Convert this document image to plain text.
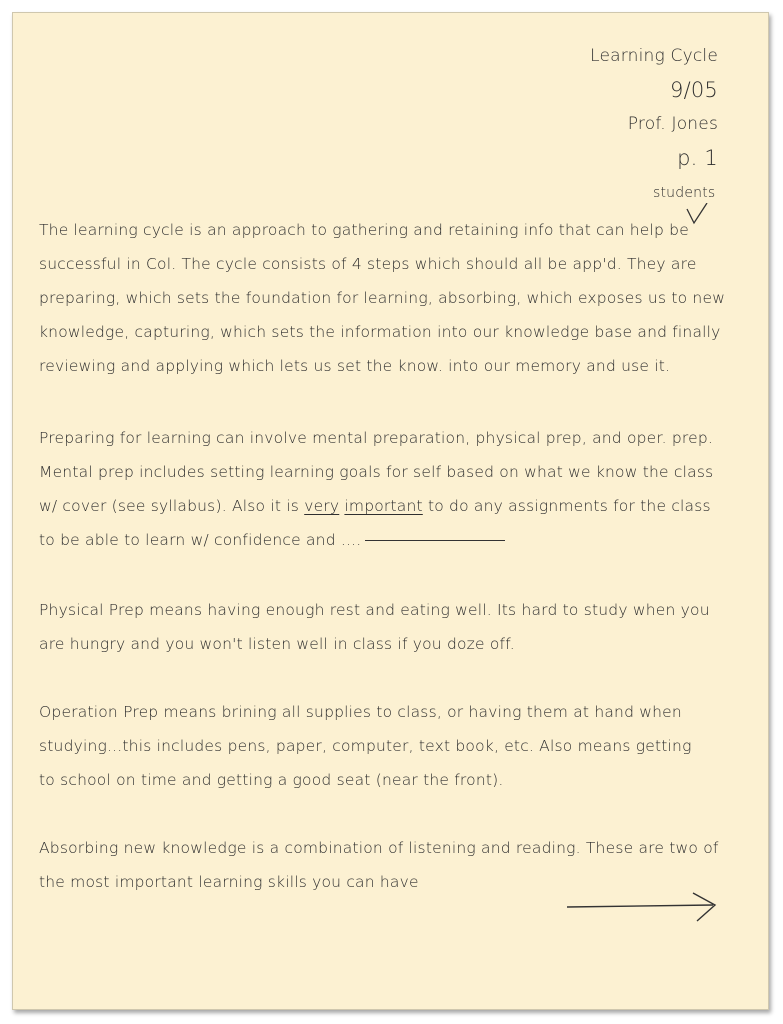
Learning Cycle
9/05
Prof. Jones
p. 1
students
The learning cycle is an approach to gathering and retaining info that can help be
successful in Col. The cycle consists of 4 steps which should all be app'd. They are
preparing, which sets the foundation for learning, absorbing, which exposes us to new
knowledge, capturing, which sets the information into our knowledge base and finally
reviewing and applying which lets us set the know. into our memory and use it.
Preparing for learning can involve mental preparation, physical prep, and oper. prep.
Mental prep includes setting learning goals for self based on what we know the class
w/ cover (see syllabus). Also it is very important to do any assignments for the class
to be able to learn w/ confidence and ....
Physical Prep means having enough rest and eating well. Its hard to study when you
are hungry and you won't listen well in class if you doze off.
Operation Prep means brining all supplies to class, or having them at hand when
studying...this includes pens, paper, computer, text book, etc. Also means getting
to school on time and getting a good seat (near the front).
Absorbing new knowledge is a combination of listening and reading. These are two of
the most important learning skills you can have
